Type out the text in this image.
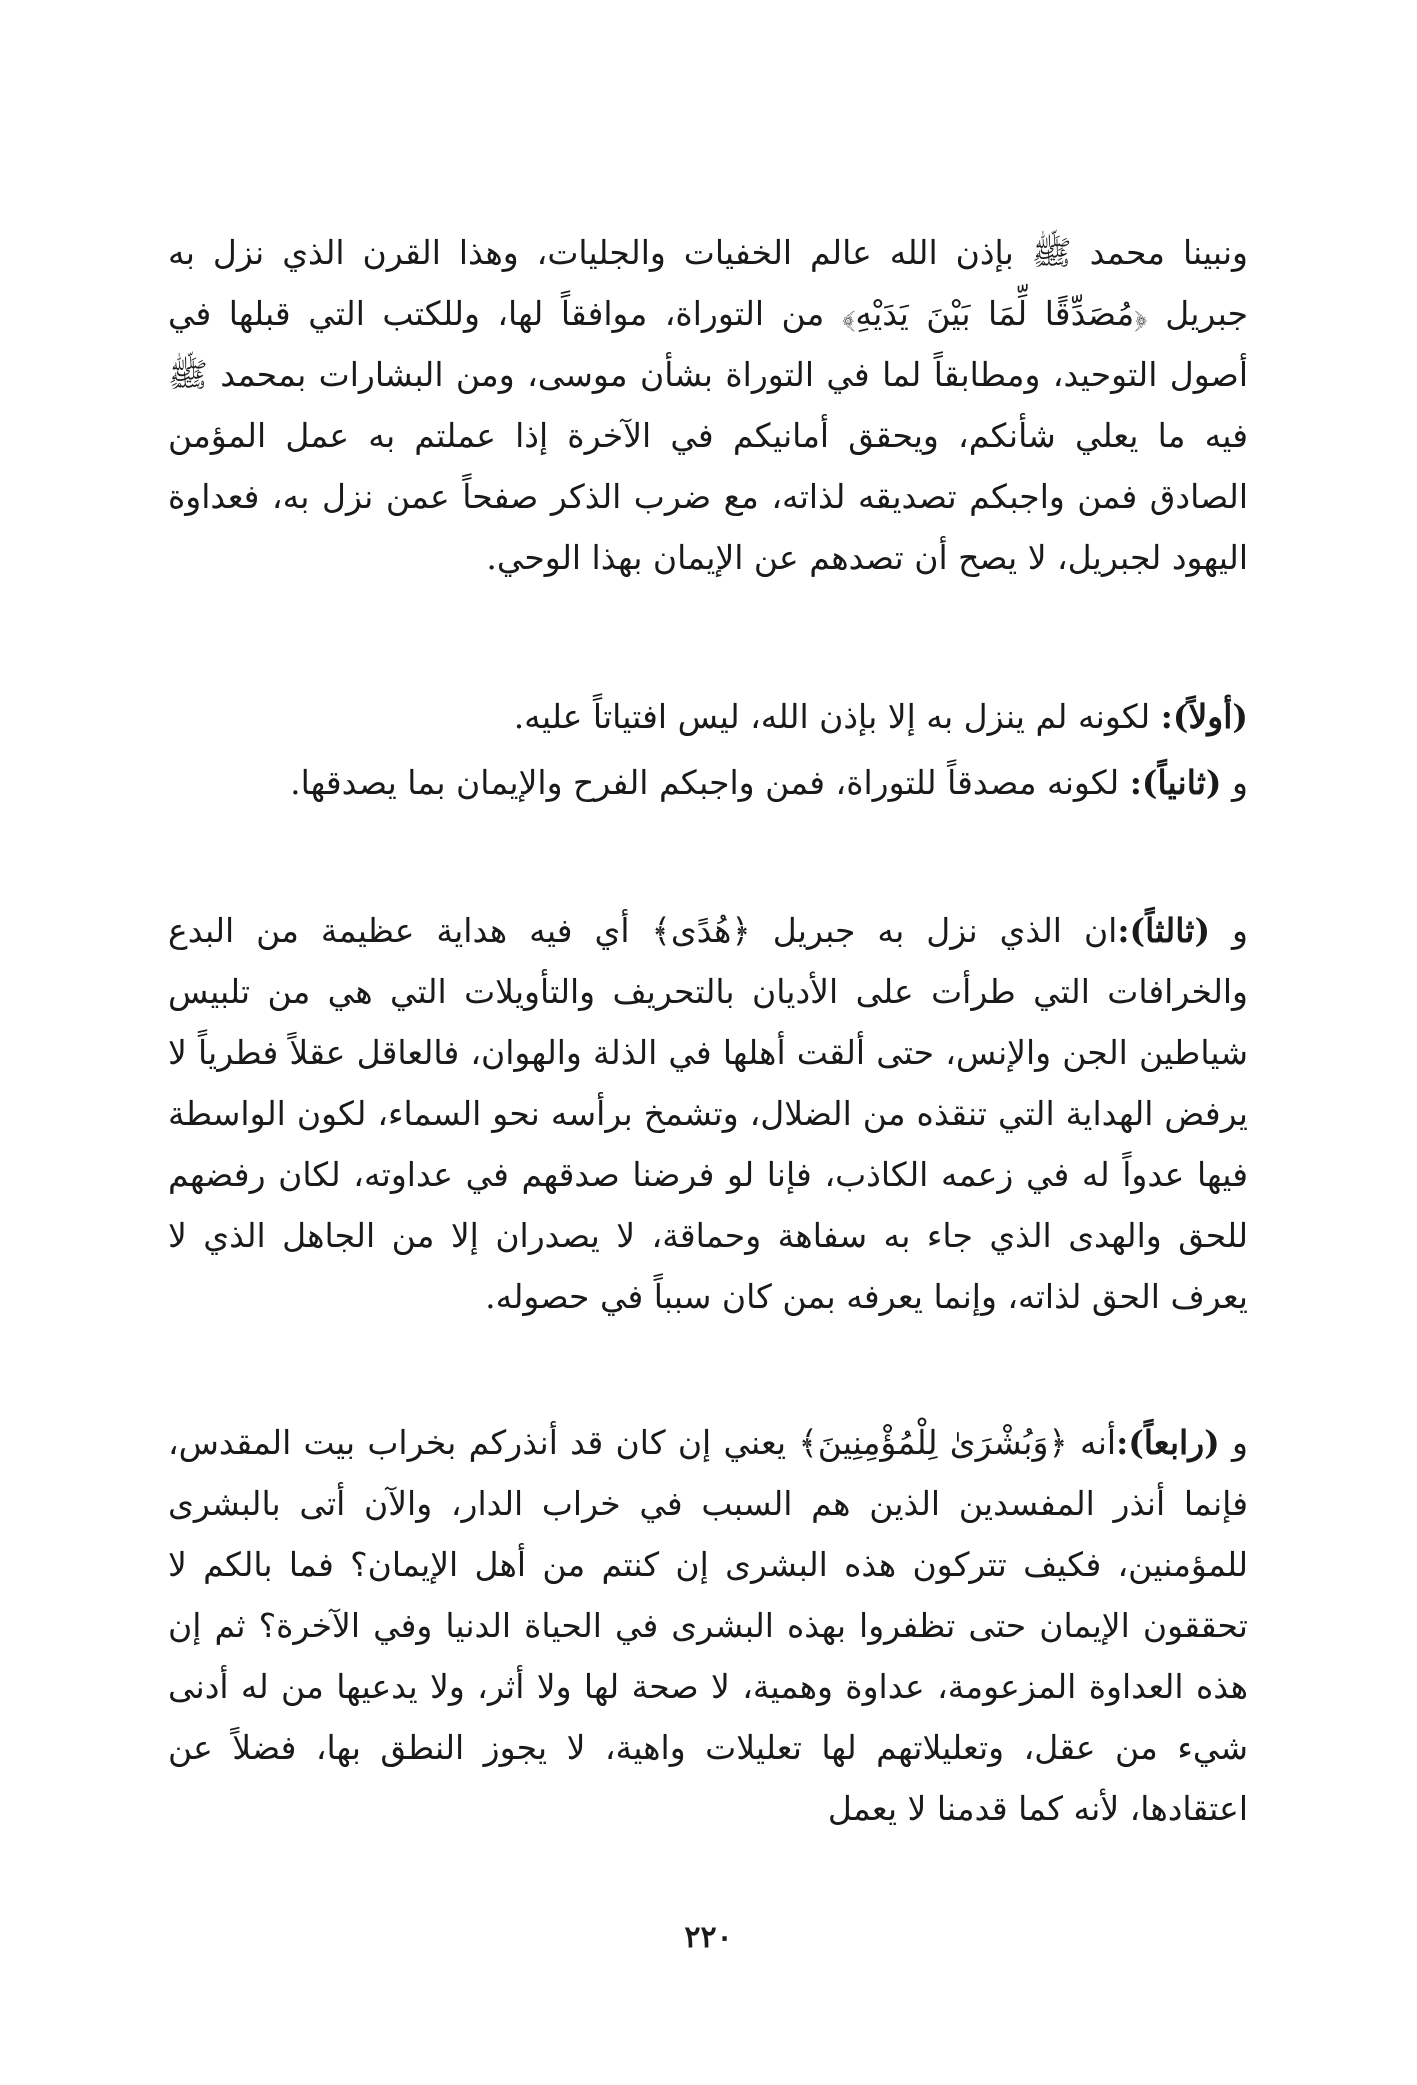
ونبينا محمد ﷺ بإذن الله عالم الخفيات والجليات، وهذا القرن الذي نزل به جبريل ﴿مُصَدِّقًا لِّمَا بَيْنَ يَدَيْهِ﴾ من التوراة، موافقاً لها، وللكتب التي قبلها في أصول التوحيد، ومطابقاً لما في التوراة بشأن موسى، ومن البشارات بمحمد ﷺ فيه ما يعلي شأنكم، ويحقق أمانيكم في الآخرة إذا عملتم به عمل المؤمن الصادق فمن واجبكم تصديقه لذاته، مع ضرب الذكر صفحاً عمن نزل به، فعداوة اليهود لجبريل، لا يصح أن تصدهم عن الإيمان بهذا الوحي.
(أولاً): لكونه لم ينزل به إلا بإذن الله، ليس افتياتاً عليه.
و (ثانياً): لكونه مصدقاً للتوراة، فمن واجبكم الفرح والإيمان بما يصدقها.
و (ثالثاً):ان الذي نزل به جبريل ﴿هُدًى﴾ أي فيه هداية عظيمة من البدع والخرافات التي طرأت على الأديان بالتحريف والتأويلات التي هي من تلبيس شياطين الجن والإنس، حتى ألقت أهلها في الذلة والهوان، فالعاقل عقلاً فطرياً لا يرفض الهداية التي تنقذه من الضلال، وتشمخ برأسه نحو السماء، لكون الواسطة فيها عدواً له في زعمه الكاذب، فإنا لو فرضنا صدقهم في عداوته، لكان رفضهم للحق والهدى الذي جاء به سفاهة وحماقة، لا يصدران إلا من الجاهل الذي لا يعرف الحق لذاته، وإنما يعرفه بمن كان سبباً في حصوله.
و (رابعاً):أنه ﴿وَبُشْرَىٰ لِلْمُؤْمِنِينَ﴾ يعني إن كان قد أنذركم بخراب بيت المقدس، فإنما أنذر المفسدين الذين هم السبب في خراب الدار، والآن أتى بالبشرى للمؤمنين، فكيف تتركون هذه البشرى إن كنتم من أهل الإيمان؟ فما بالكم لا تحققون الإيمان حتى تظفروا بهذه البشرى في الحياة الدنيا وفي الآخرة؟ ثم إن هذه العداوة المزعومة، عداوة وهمية، لا صحة لها ولا أثر، ولا يدعيها من له أدنى شيء من عقل، وتعليلاتهم لها تعليلات واهية، لا يجوز النطق بها، فضلاً عن اعتقادها، لأنه كما قدمنا لا يعمل
٢٢٠
